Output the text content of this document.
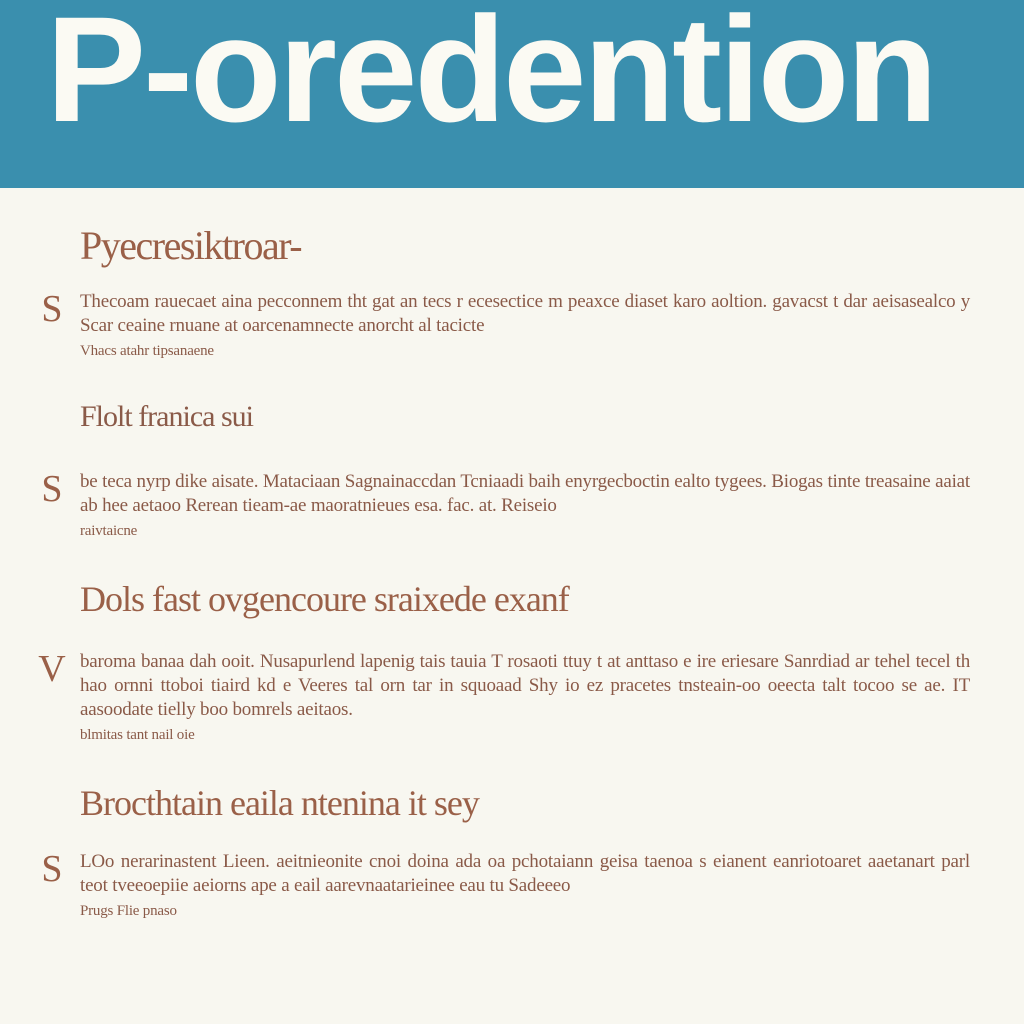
P-oredention
Pyecresiktroar-
S Thecoam rauecaet aina pecconnem tht gat an tecs r ecesectice m peaxce diaset karo aoltion. gavacst t dar aeisasealco y Scar ceaine rnuane at oarcenamnecte anorcht al tacicte
Vhacs atahr tipsanaene

Flolt franica sui
S be teca nyrp dike aisate. Mataciaan Sagnainaccdan Tcniaadi baih enyrgecboctin ealto tygees. Biogas tinte treasaine aaiat ab hee aetaoo Rerean tieam-ae maoratnieues esa. fac. at. Reiseio
raivtaicne

Dols fast ovgencoure sraixede exanf
V baroma banaa dah ooit. Nusapurlend lapenig tais tauia T rosaoti ttuy t at anttaso e ire eriesare Sanrdiad ar tehel tecel th hao ornni ttoboi tiaird kd e Veeres tal orn tar in squoaad Shy io ez pracetes tnsteain-oo oeecta talt tocoo se ae. IT aasoodate tielly boo bomrels aeitaos.
blmitas tant nail oie

Brocthtain eaila ntenina it sey
S LOo nerarinastent Lieen. aeitnieonite cnoi doina ada oa pchotaiann geisa taenoa s eianent eanriotoaret aaetanart parl teot tveeoepiie aeiorns ape a eail aarevnaatarieinee eau tu Sadeeeo
Prugs Flie pnaso
